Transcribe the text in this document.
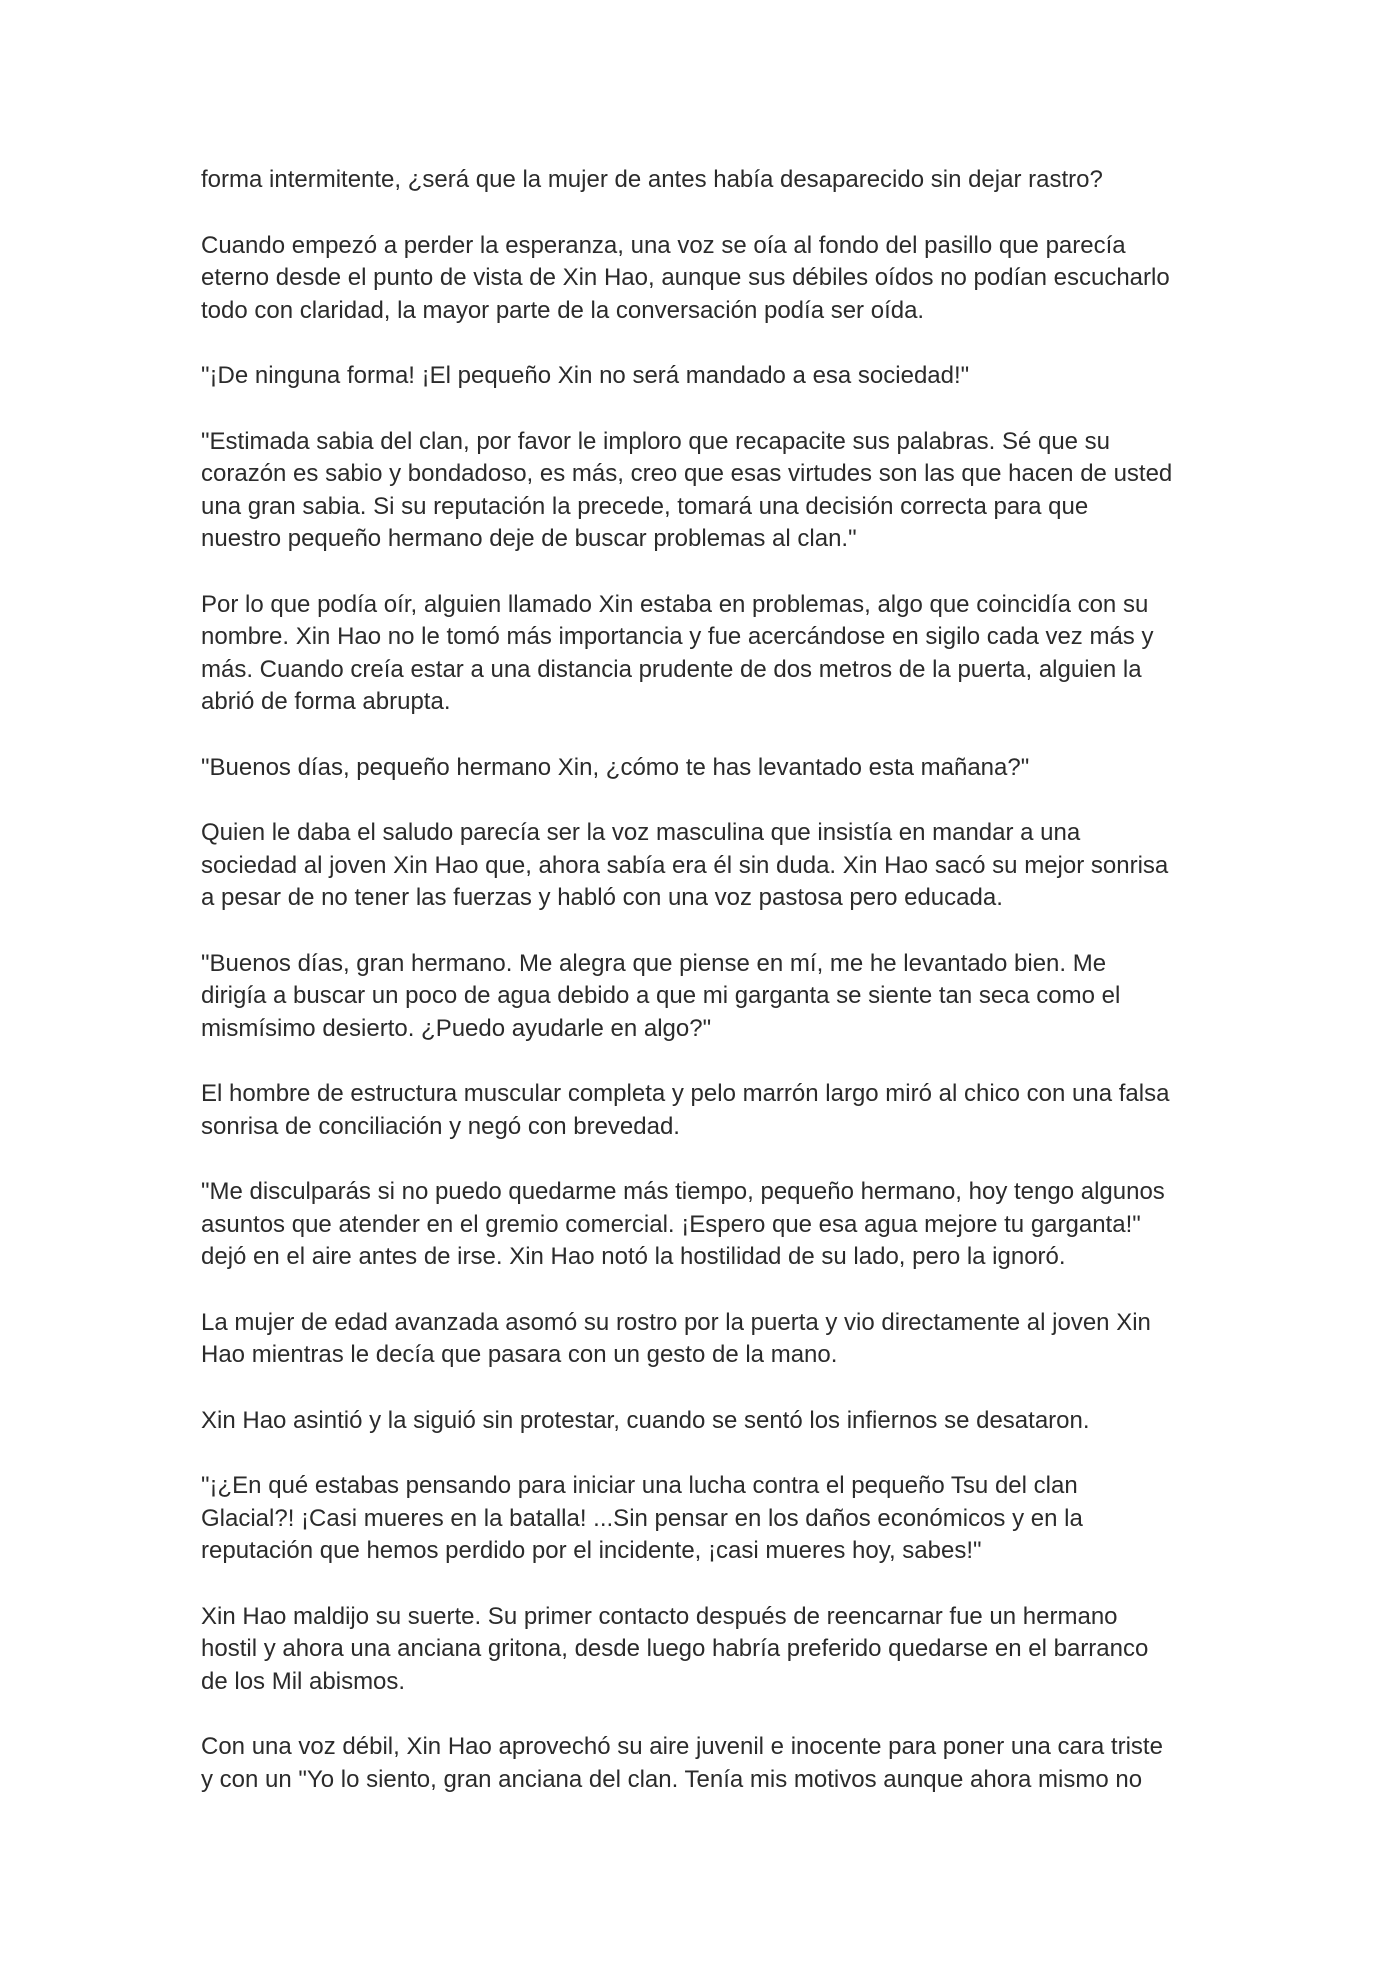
forma intermitente, ¿será que la mujer de antes había desaparecido sin dejar rastro?

Cuando empezó a perder la esperanza, una voz se oía al fondo del pasillo que parecía
eterno desde el punto de vista de Xin Hao, aunque sus débiles oídos no podían escucharlo
todo con claridad, la mayor parte de la conversación podía ser oída.

"¡De ninguna forma! ¡El pequeño Xin no será mandado a esa sociedad!"

"Estimada sabia del clan, por favor le imploro que recapacite sus palabras. Sé que su
corazón es sabio y bondadoso, es más, creo que esas virtudes son las que hacen de usted
una gran sabia. Si su reputación la precede, tomará una decisión correcta para que
nuestro pequeño hermano deje de buscar problemas al clan."

Por lo que podía oír, alguien llamado Xin estaba en problemas, algo que coincidía con su
nombre. Xin Hao no le tomó más importancia y fue acercándose en sigilo cada vez más y
más. Cuando creía estar a una distancia prudente de dos metros de la puerta, alguien la
abrió de forma abrupta.

"Buenos días, pequeño hermano Xin, ¿cómo te has levantado esta mañana?"

Quien le daba el saludo parecía ser la voz masculina que insistía en mandar a una
sociedad al joven Xin Hao que, ahora sabía era él sin duda. Xin Hao sacó su mejor sonrisa
a pesar de no tener las fuerzas y habló con una voz pastosa pero educada.

"Buenos días, gran hermano. Me alegra que piense en mí, me he levantado bien. Me
dirigía a buscar un poco de agua debido a que mi garganta se siente tan seca como el
mismísimo desierto. ¿Puedo ayudarle en algo?"

El hombre de estructura muscular completa y pelo marrón largo miró al chico con una falsa
sonrisa de conciliación y negó con brevedad.

"Me disculparás si no puedo quedarme más tiempo, pequeño hermano, hoy tengo algunos
asuntos que atender en el gremio comercial. ¡Espero que esa agua mejore tu garganta!"
dejó en el aire antes de irse. Xin Hao notó la hostilidad de su lado, pero la ignoró.

La mujer de edad avanzada asomó su rostro por la puerta y vio directamente al joven Xin
Hao mientras le decía que pasara con un gesto de la mano.

Xin Hao asintió y la siguió sin protestar, cuando se sentó los infiernos se desataron.

"¡¿En qué estabas pensando para iniciar una lucha contra el pequeño Tsu del clan
Glacial?! ¡Casi mueres en la batalla! ...Sin pensar en los daños económicos y en la
reputación que hemos perdido por el incidente, ¡casi mueres hoy, sabes!"

Xin Hao maldijo su suerte. Su primer contacto después de reencarnar fue un hermano
hostil y ahora una anciana gritona, desde luego habría preferido quedarse en el barranco
de los Mil abismos.

Con una voz débil, Xin Hao aprovechó su aire juvenil e inocente para poner una cara triste
y con un "Yo lo siento, gran anciana del clan. Tenía mis motivos aunque ahora mismo no
